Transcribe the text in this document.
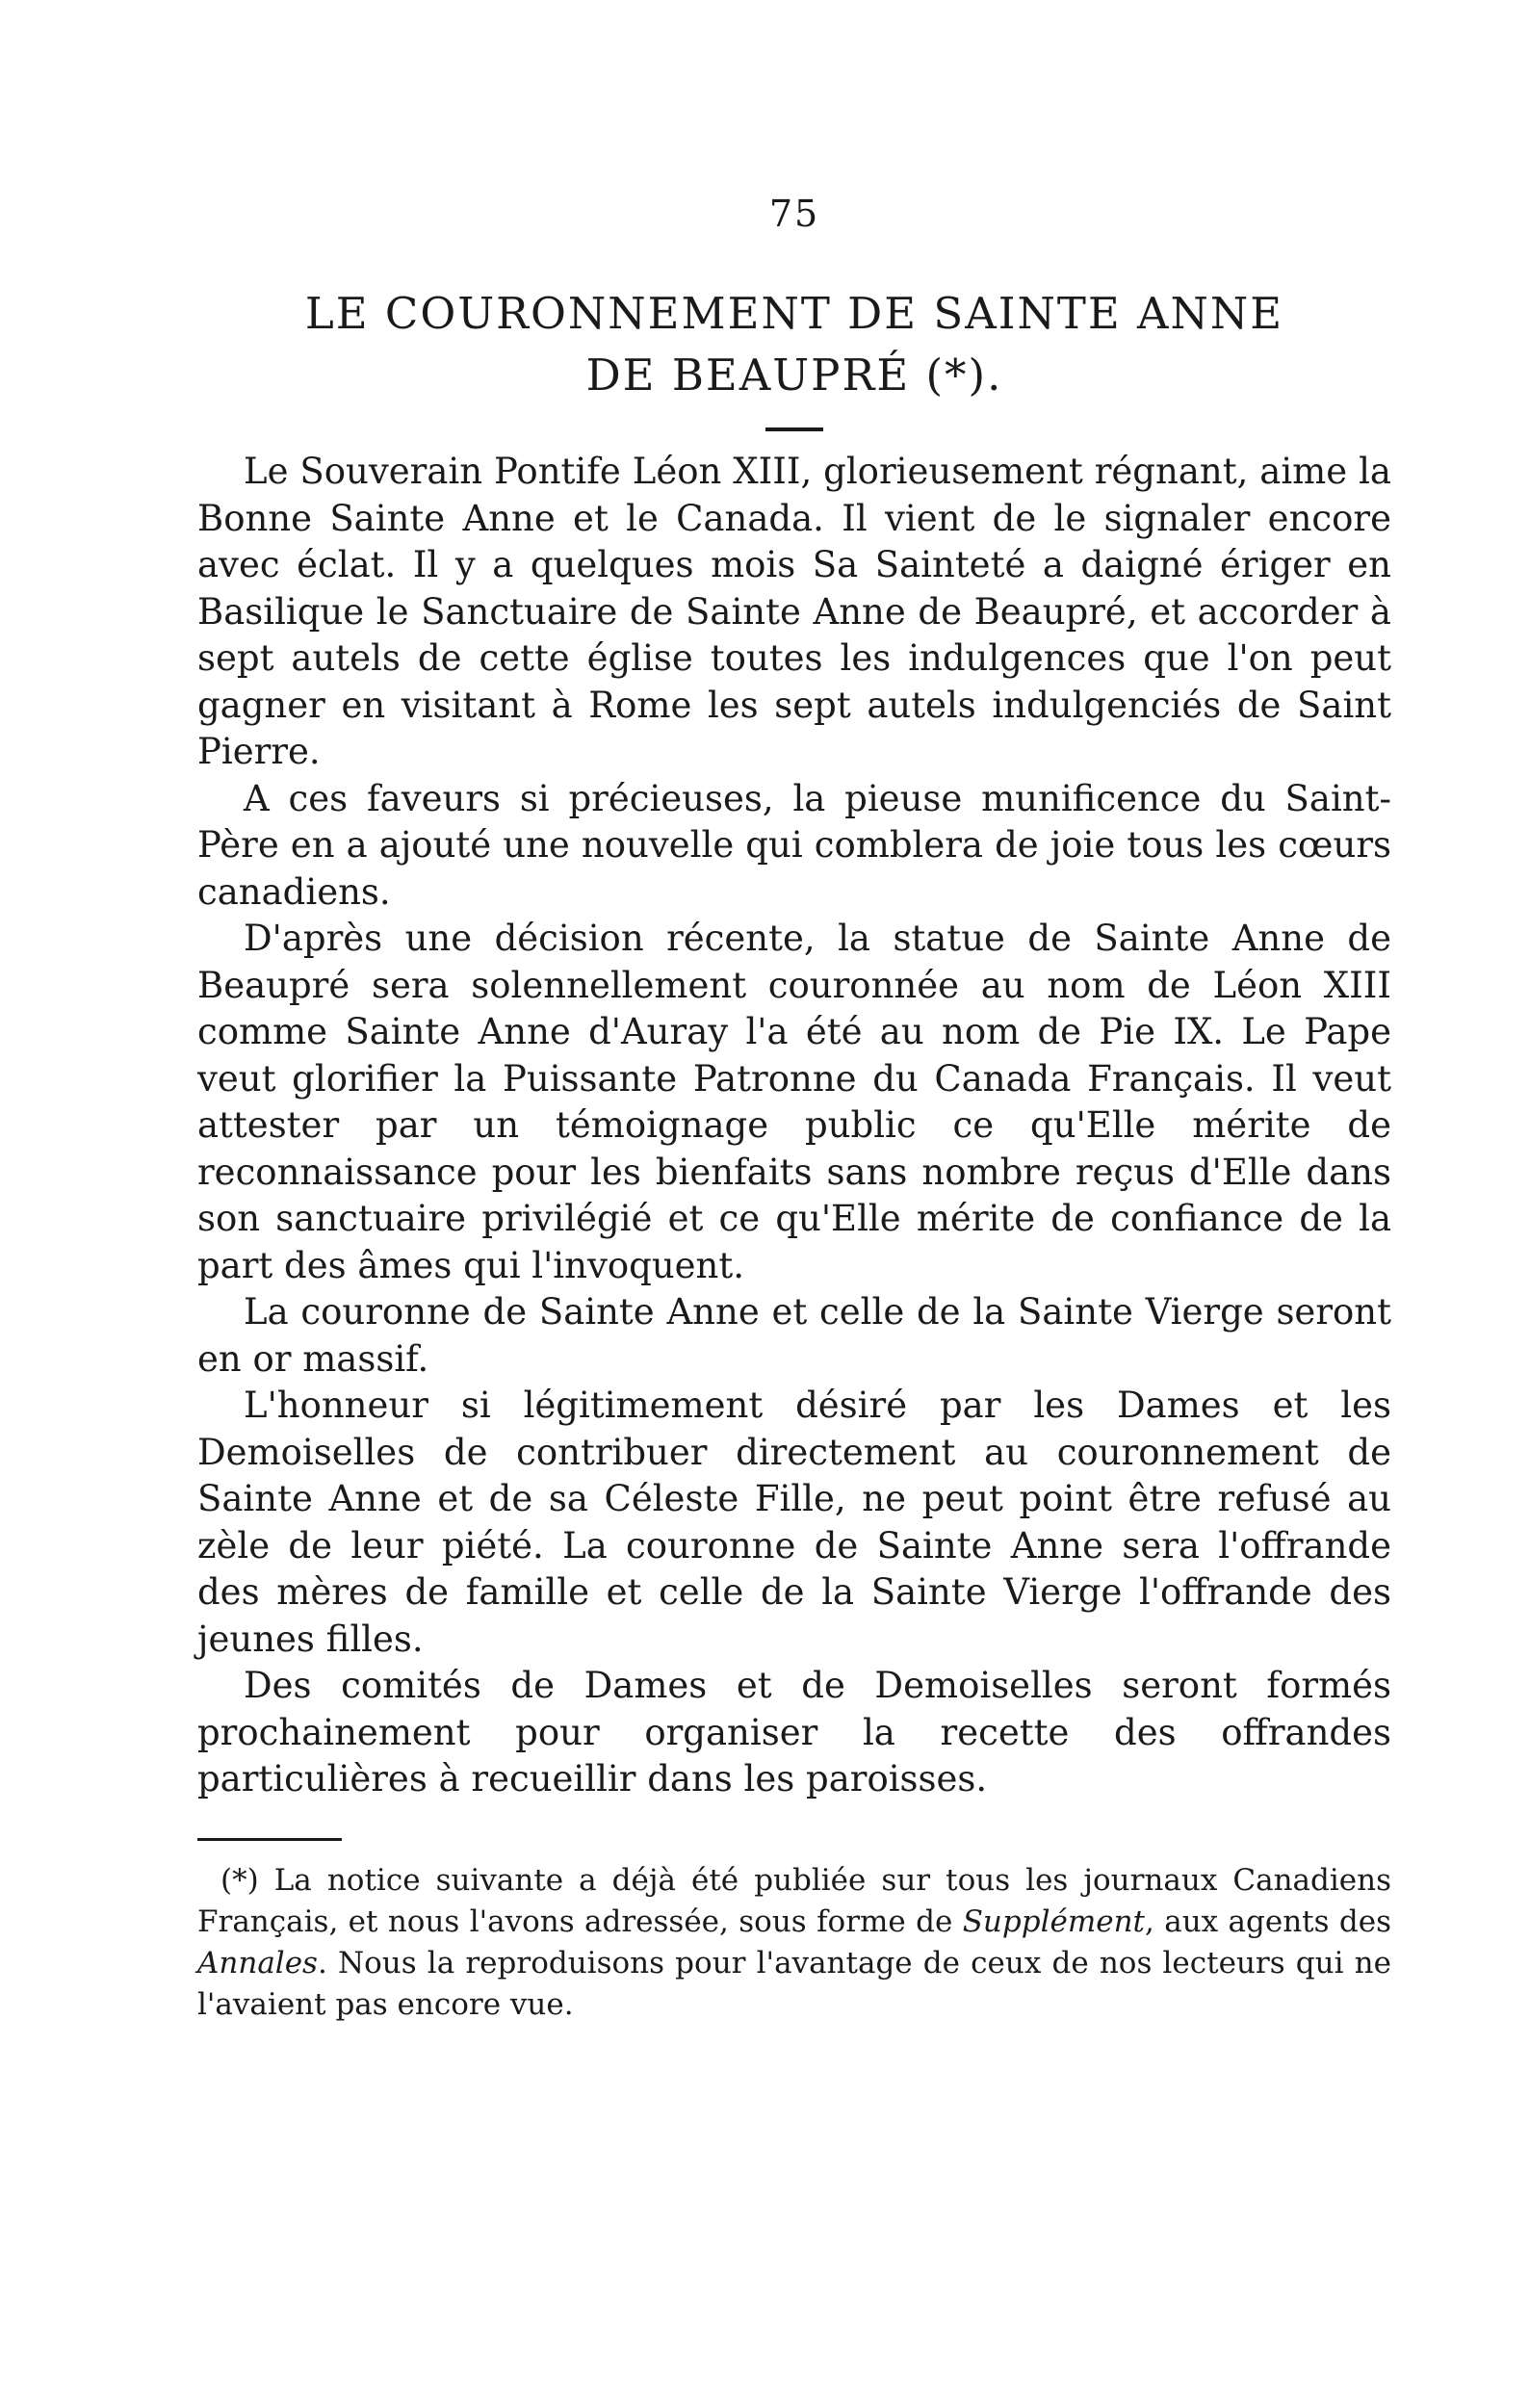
75
LE COURONNEMENT DE SAINTE ANNE
DE BEAUPRÉ (*).

Le Souverain Pontife Léon XIII, glorieusement régnant, aime la Bonne Sainte Anne et le Canada. Il vient de le signaler encore avec éclat. Il y a quelques mois Sa Sainteté a daigné ériger en Basilique le Sanctuaire de Sainte Anne de Beaupré, et accorder à sept autels de cette église toutes les indulgences que l'on peut gagner en visitant à Rome les sept autels indulgenciés de Saint Pierre.

A ces faveurs si précieuses, la pieuse munificence du Saint-Père en a ajouté une nouvelle qui comblera de joie tous les cœurs canadiens.

D'après une décision récente, la statue de Sainte Anne de Beaupré sera solennellement couronnée au nom de Léon XIII comme Sainte Anne d'Auray l'a été au nom de Pie IX. Le Pape veut glorifier la Puissante Patronne du Canada Français. Il veut attester par un témoignage public ce qu'Elle mérite de reconnaissance pour les bienfaits sans nombre reçus d'Elle dans son sanctuaire privilégié et ce qu'Elle mérite de confiance de la part des âmes qui l'invoquent.

La couronne de Sainte Anne et celle de la Sainte Vierge seront en or massif.

L'honneur si légitimement désiré par les Dames et les Demoiselles de contribuer directement au couronnement de Sainte Anne et de sa Céleste Fille, ne peut point être refusé au zèle de leur piété. La couronne de Sainte Anne sera l'offrande des mères de famille et celle de la Sainte Vierge l'offrande des jeunes filles.

Des comités de Dames et de Demoiselles seront formés prochainement pour organiser la recette des offrandes particulières à recueillir dans les paroisses.

(*) La notice suivante a déjà été publiée sur tous les journaux Canadiens Français, et nous l'avons adressée, sous forme de Supplément, aux agents des Annales. Nous la reproduisons pour l'avantage de ceux de nos lecteurs qui ne l'avaient pas encore vue.
